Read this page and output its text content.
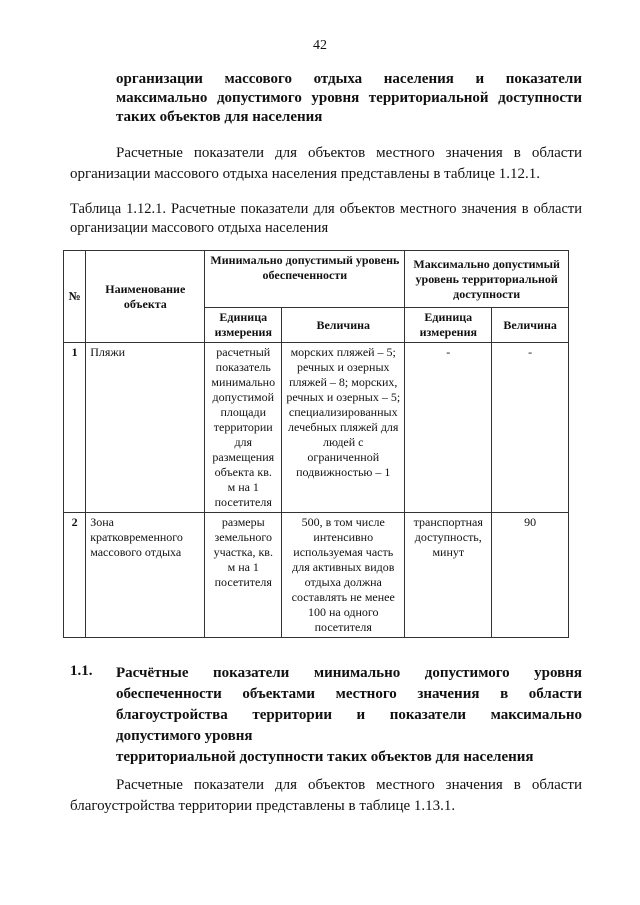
42
организации массового отдыха населения и показатели
максимально допустимого уровня территориальной доступности
таких объектов для населения
Расчетные показатели для объектов местного значения в области организации массового отдыха населения представлены в таблице 1.12.1.
Таблица 1.12.1. Расчетные показатели для объектов местного значения в области организации массового отдыха населения
№	Наименование объекта	Минимально допустимый уровень обеспеченности		Максимально допустимый уровень территориальной доступности	
		Единица измерения	Величина	Единица измерения	Величина
1	Пляжи	расчетный показатель минимально допустимой площади территории для размещения объекта кв. м на 1 посетителя	морских пляжей – 5; речных и озерных пляжей – 8; морских, речных и озерных – 5; специализированных лечебных пляжей для людей с ограниченной подвижностью – 1	-	-
2	Зона кратковременного массового отдыха	размеры земельного участка, кв. м на 1 посетителя	500, в том числе интенсивно используемая часть для активных видов отдыха должна составлять не менее 100 на одного посетителя	транспортная доступность, минут	90
1.1. Расчётные показатели минимально допустимого уровня
обеспеченности объектами местного значения в области
благоустройства территории и показатели максимально
допустимого уровня
территориальной доступности таких объектов для населения
Расчетные показатели для объектов местного значения в области благоустройства территории представлены в таблице 1.13.1.
